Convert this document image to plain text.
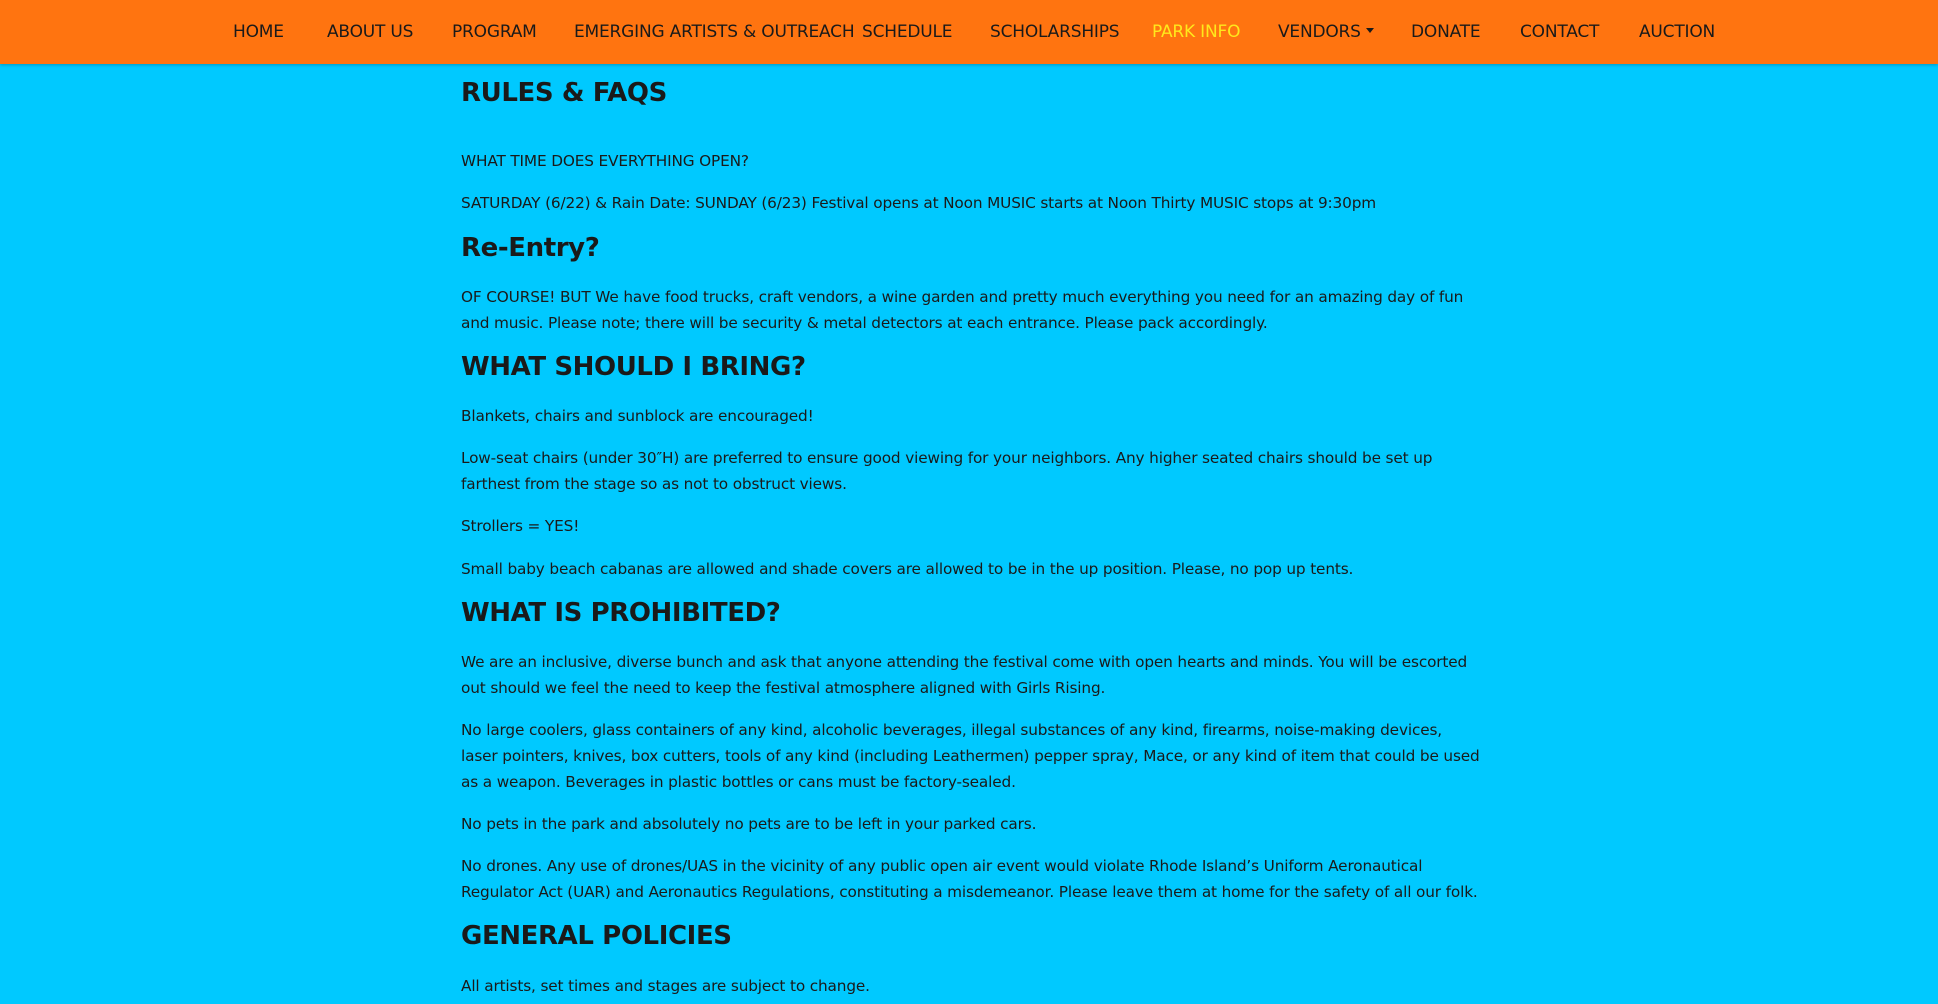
HOME	ABOUT US PROGRAM EMERGING ARTISTS & OUTREACH SCHEDULE SCHOLARSHIPS PARK INFO VENDORS	DONATE CONTACT AUCTION
RULES & FAQS

WHAT TIME DOES EVERYTHING OPEN?

SATURDAY (6/22) & Rain Date: SUNDAY (6/23) Festival opens at Noon MUSIC starts at Noon Thirty MUSIC stops at 9:30pm

Re-Entry?

OF COURSE! BUT We have food trucks, craft vendors, a wine garden and pretty much everything you need for an amazing day of fun and music. Please note; there will be security & metal detectors at each entrance. Please pack accordingly.

WHAT SHOULD I BRING?

Blankets, chairs and sunblock are encouraged!

Low-seat chairs (under 30″H) are preferred to ensure good viewing for your neighbors. Any higher seated chairs should be set up farthest from the stage so as not to obstruct views.

Strollers = YES!

Small baby beach cabanas are allowed and shade covers are allowed to be in the up position. Please, no pop up tents.

WHAT IS PROHIBITED?

We are an inclusive, diverse bunch and ask that anyone attending the festival come with open hearts and minds. You will be escorted out should we feel the need to keep the festival atmosphere aligned with Girls Rising.

No large coolers, glass containers of any kind, alcoholic beverages, illegal substances of any kind, firearms, noise-making devices, laser pointers, knives, box cutters, tools of any kind (including Leathermen) pepper spray, Mace, or any kind of item that could be used as a weapon. Beverages in plastic bottles or cans must be factory-sealed.

No pets in the park and absolutely no pets are to be left in your parked cars.

No drones. Any use of drones/UAS in the vicinity of any public open air event would violate Rhode Island’s Uniform Aeronautical Regulator Act (UAR) and Aeronautics Regulations, constituting a misdemeanor. Please leave them at home for the safety of all our folk.

GENERAL POLICIES

All artists, set times and stages are subject to change.
